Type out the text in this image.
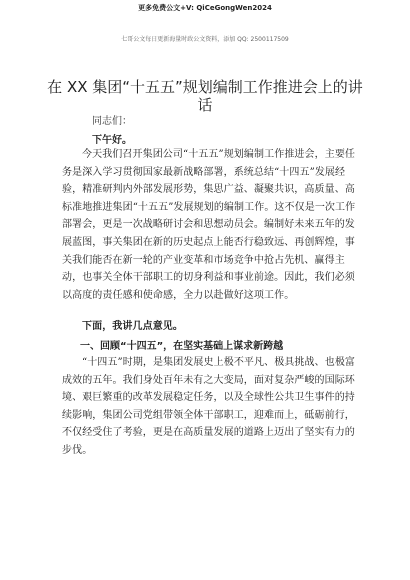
更多免费公文+V: QiCeGongWen2024
七哥公文每日更新海量时政公文资料，添加 QQ: 2500117509
在 XX 集团“十五五”规划编制工作推进会上的讲话
同志们：
下午好。

今天我们召开集团公司“十五五”规划编制工作推进会，主要任务是深入学习贯彻国家最新战略部署，系统总结“十四五”发展经验，精准研判内外部发展形势，集思广益、凝聚共识，高质量、高标准地推进集团“十五五”发展规划的编制工作。这不仅是一次工作部署会，更是一次战略研讨会和思想动员会。编制好未来五年的发展蓝图，事关集团在新的历史起点上能否行稳致远、再创辉煌，事关我们能否在新一轮的产业变革和市场竞争中抢占先机、赢得主动，也事关全体干部职工的切身利益和事业前途。因此，我们必须以高度的责任感和使命感，全力以赴做好这项工作。

下面，我讲几点意见。

一、回顾“十四五”，在坚实基础上谋求新跨越

“十四五”时期，是集团发展史上极不平凡、极具挑战、也极富成效的五年。我们身处百年未有之大变局，面对复杂严峻的国际环境、艰巨繁重的改革发展稳定任务，以及全球性公共卫生事件的持续影响，集团公司党组带领全体干部职工，迎难而上，砥砺前行，不仅经受住了考验，更是在高质量发展的道路上迈出了坚实有力的步伐。
